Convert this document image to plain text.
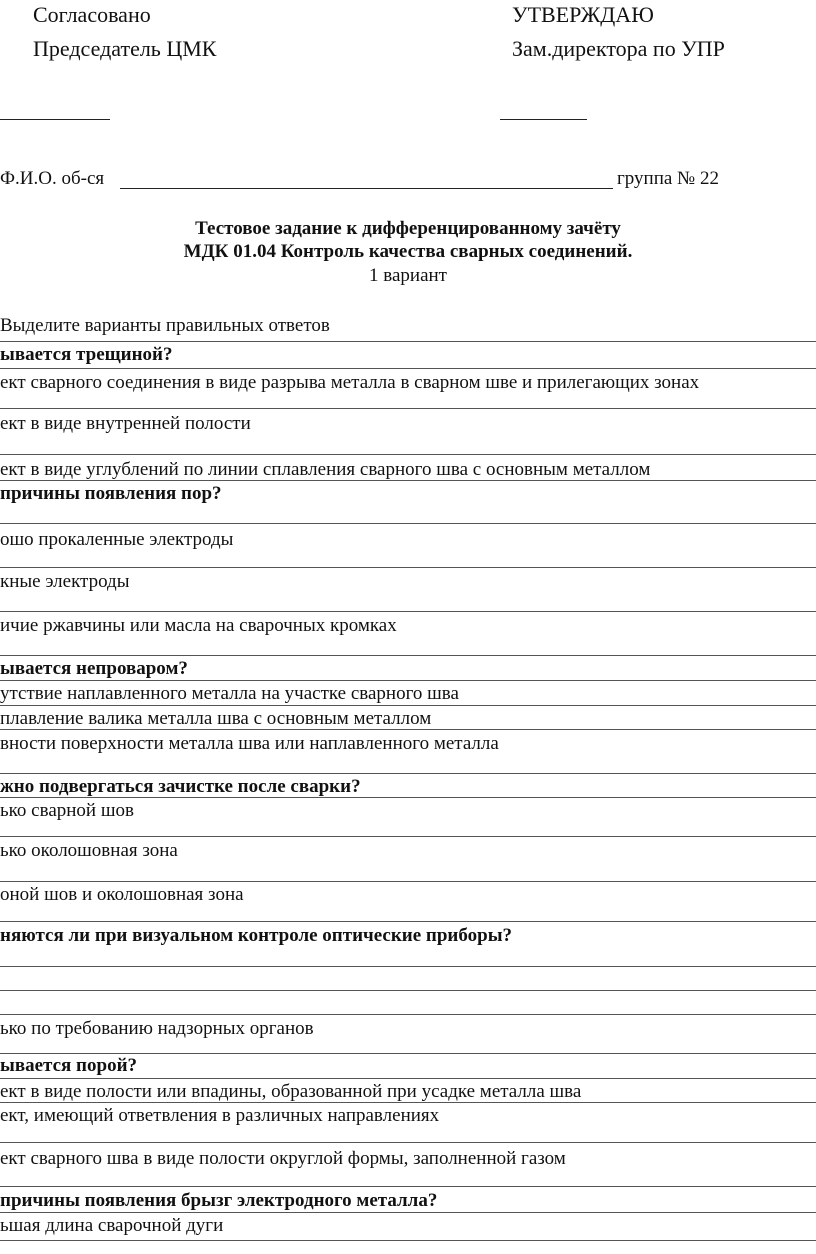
Согласовано
Председатель ЦМК
УТВЕРЖДАЮ
Зам.директора по УПР
Ф.И.О. об-ся	группа № 22
Тестовое задание к дифференцированному зачёту
МДК 01.04 Контроль качества сварных соединений.
1 вариант
Выделите варианты правильных ответов
ывается трещиной?
ект сварного соединения в виде разрыва металла в сварном шве и прилегающих зонах
ект в виде внутренней полости
ект в виде углублений по линии сплавления сварного шва с основным металлом
причины появления пор?
ошо прокаленные электроды
кные электроды
ичие ржавчины или масла на сварочных кромках
ывается непроваром?
утствие наплавленного металла на участке сварного шва
плавление валика металла шва с основным металлом
вности поверхности металла шва или наплавленного металла
жно подвергаться зачистке после сварки?
ько сварной шов
ько околошовная зона
оной шов и околошовная зона
няются ли при визуальном контроле оптические приборы?
ько по требованию надзорных органов
ывается порой?
ект в виде полости или впадины, образованной при усадке металла шва
ект, имеющий ответвления в различных направлениях
ект сварного шва в виде полости округлой формы, заполненной газом
причины появления брызг электродного металла?
ьшая длина сварочной дуги
